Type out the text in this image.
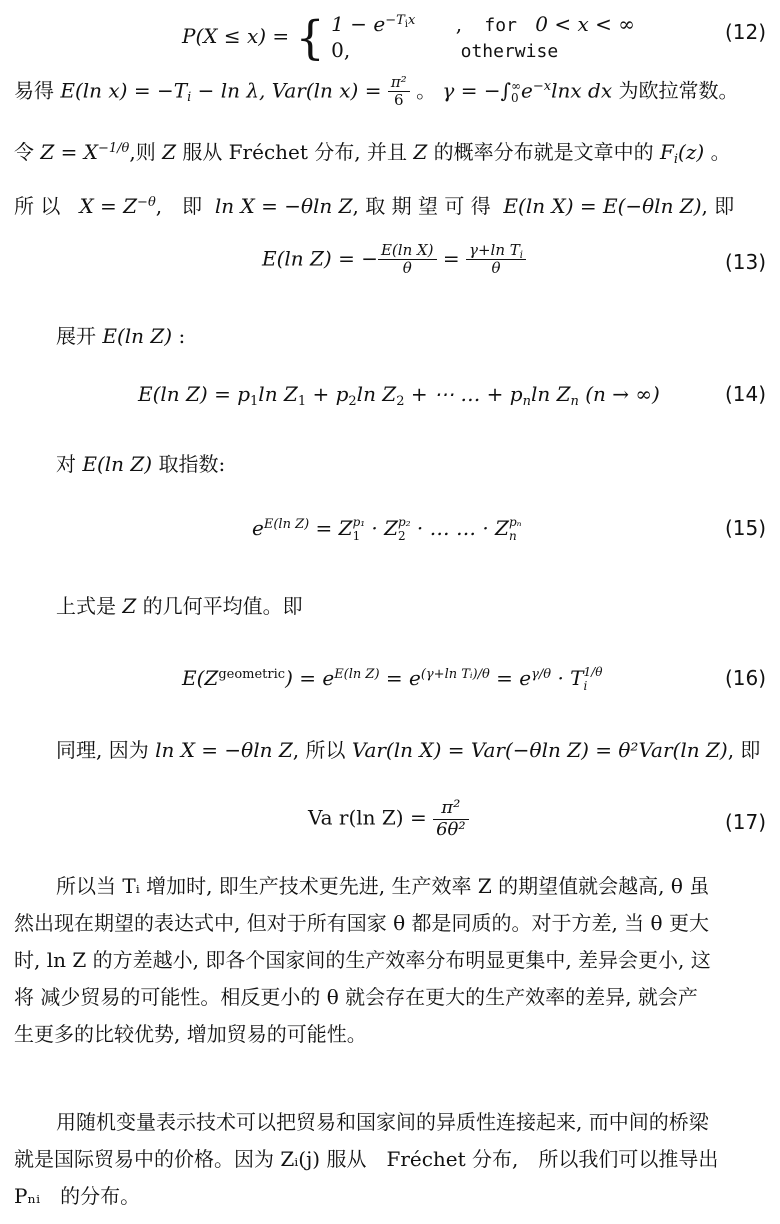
P(X ≤ x) = { $1 - e^{-T_ix}$ , for 0 < x < ∞
0,	otherwise
(12)
易得 E(ln $x) = -T_i - \ln \lambda$, Var(ln $x) = \frac{\text{π²}}{6}$ 。 γ = −∫ ∞
0 $e^{-x}\ln x$ dx 为欧拉常数。
令 $Z = X^{-1/\theta}$,则 Z 服从 Fréchet 分布, 并且 Z 的概率分布就是文章中的 $F_i(z)$ 。
所 以 $X = Z^{-\theta}$,　即 ln X = −θln Z, 取 期 望 可 得 E(ln X) = E(−θln Z), 即
E(ln Z) = − $\frac{\text{E(ln X)}}{\theta} = \frac{\gamma+\ln T_i}{\theta}$	(13)
展开 E(ln Z) :
E(ln $Z) = p_1\ln$ $Z_1 + p_2\ln$ $Z_2$ + ⋯ … + $p_n\ln$ $Z_n$ (n → ∞)	(14)
对 E(ln Z) 取指数:
$e^{E(ln Z)} = Z$ p₁
1 · Z p₂
2 · … … · Z pₙ
n	(15)
上式是 Z 的几何平均值。即
$E(Z^{geometric}) = e^{E(ln Z)} = e^{(\gamma+ln Tᵢ)/\theta} = e^{\gamma/\theta} \cdot T$ 1/θ
i	(16)
同理, 因为 ln X = −θln Z, 所以 Var(ln X) = Var(−θln Z) = θ²Var(ln Z), 即
Va r(ln $Z) = \frac{\text{π²}}{\text{6θ²}}$	(17)
所以当 Tᵢ 增加时, 即生产技术更先进, 生产效率 Z 的期望值就会越高, θ 虽
然出现在期望的表达式中, 但对于所有国家 θ 都是同质的。对于方差, 当 θ 更大
时, ln Z 的方差越小, 即各个国家间的生产效率分布明显更集中, 差异会更小, 这
将 减少贸易的可能性。相反更小的 θ 就会存在更大的生产效率的差异, 就会产
生更多的比较优势, 增加贸易的可能性。
用随机变量表示技术可以把贸易和国家间的异质性连接起来, 而中间的桥梁
就是国际贸易中的价格。因为 Zᵢ(j) 服从　Fréchet 分布,　所以我们可以推导出
Pₙᵢ　的分布。
